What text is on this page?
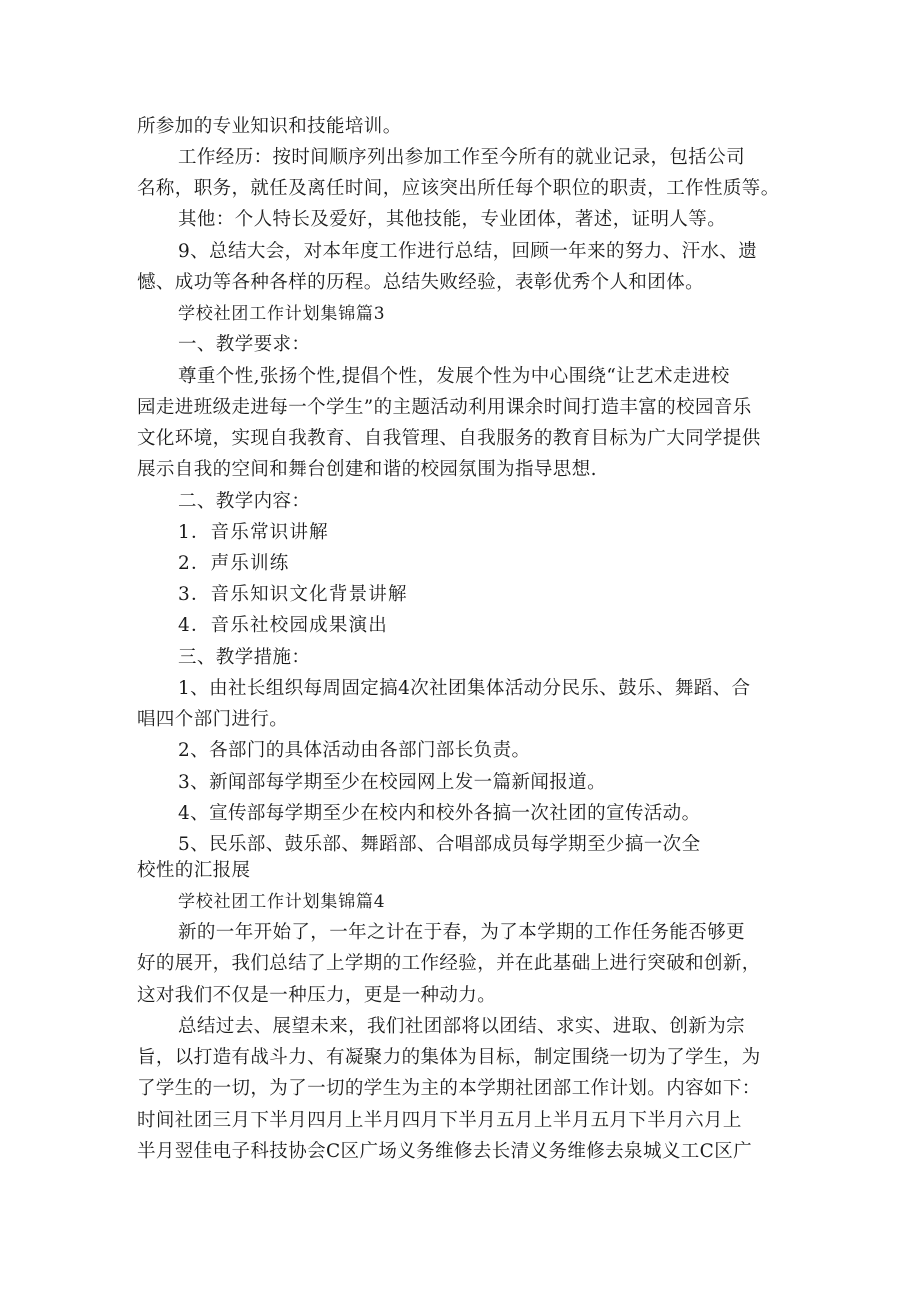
所参加的专业知识和技能培训。
工作经历：按时间顺序列出参加工作至今所有的就业记录，包括公司
名称，职务，就任及离任时间，应该突出所任每个职位的职责，工作性质等。
其他：个人特长及爱好，其他技能，专业团体，著述，证明人等。
9、总结大会，对本年度工作进行总结，回顾一年来的努力、汗水、遗
憾、成功等各种各样的历程。总结失败经验，表彰优秀个人和团体。
学校社团工作计划集锦篇3
一、教学要求：
尊重个性,张扬个性,提倡个性，发展个性为中心围绕“让艺术走进校
园走进班级走进每一个学生”的主题活动利用课余时间打造丰富的校园音乐
文化环境，实现自我教育、自我管理、自我服务的教育目标为广大同学提供
展示自我的空间和舞台创建和谐的校园氛围为指导思想.
二、教学内容：
1．音乐常识讲解
2．声乐训练
3．音乐知识文化背景讲解
4．音乐社校园成果演出
三、教学措施：
1、由社长组织每周固定搞4次社团集体活动分民乐、鼓乐、舞蹈、合
唱四个部门进行。
2、各部门的具体活动由各部门部长负责。
3、新闻部每学期至少在校园网上发一篇新闻报道。
4、宣传部每学期至少在校内和校外各搞一次社团的宣传活动。
5、民乐部、鼓乐部、舞蹈部、合唱部成员每学期至少搞一次全
校性的汇报展
学校社团工作计划集锦篇4
新的一年开始了，一年之计在于春，为了本学期的工作任务能否够更
好的展开，我们总结了上学期的工作经验，并在此基础上进行突破和创新，
这对我们不仅是一种压力，更是一种动力。
总结过去、展望未来，我们社团部将以团结、求实、进取、创新为宗
旨，以打造有战斗力、有凝聚力的集体为目标，制定围绕一切为了学生，为
了学生的一切，为了一切的学生为主的本学期社团部工作计划。内容如下：
时间社团三月下半月四月上半月四月下半月五月上半月五月下半月六月上
半月翌佳电子科技协会C区广场义务维修去长清义务维修去泉城义工C区广
